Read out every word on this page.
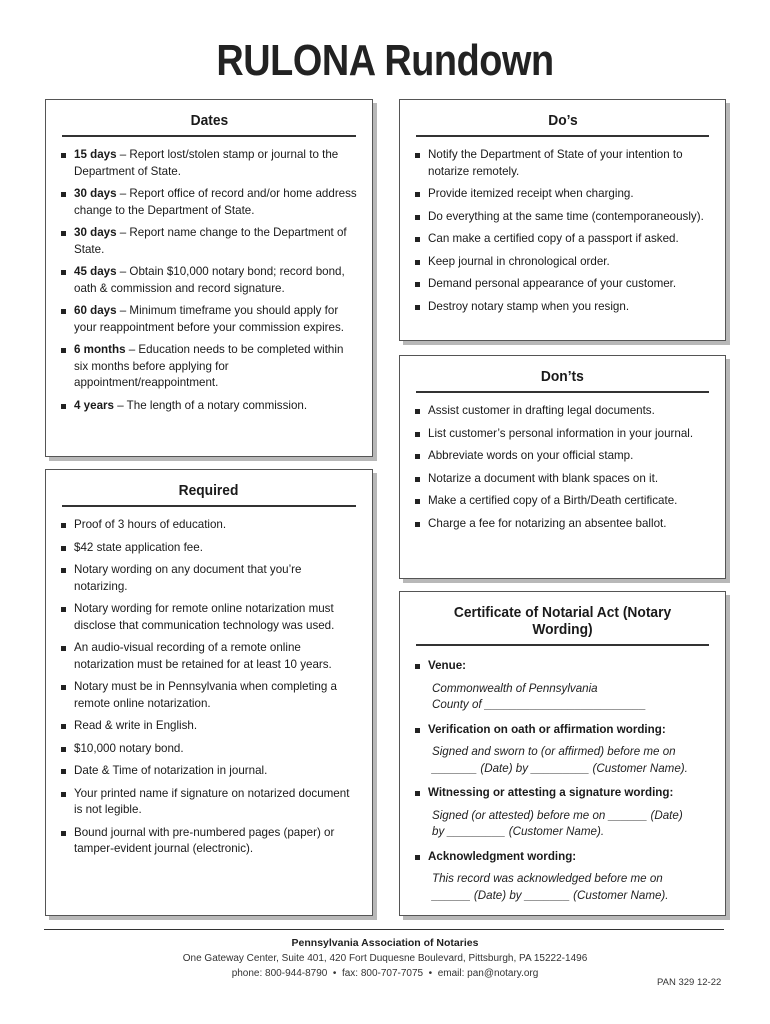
RULONA Rundown
Dates
15 days – Report lost/stolen stamp or journal to the Department of State.
30 days – Report office of record and/or home address change to the Department of State.
30 days – Report name change to the Department of State.
45 days – Obtain $10,000 notary bond; record bond, oath & commission and record signature.
60 days – Minimum timeframe you should apply for your reappointment before your commission expires.
6 months – Education needs to be completed within six months before applying for appointment/reappointment.
4 years – The length of a notary commission.
Required
Proof of 3 hours of education.
$42 state application fee.
Notary wording on any document that you’re notarizing.
Notary wording for remote online notarization must disclose that communication technology was used.
An audio-visual recording of a remote online notarization must be retained for at least 10 years.
Notary must be in Pennsylvania when completing a remote online notarization.
Read & write in English.
$10,000 notary bond.
Date & Time of notarization in journal.
Your printed name if signature on notarized document is not legible.
Bound journal with pre-numbered pages (paper) or tamper-evident journal (electronic).
Do’s
Notify the Department of State of your intention to notarize remotely.
Provide itemized receipt when charging.
Do everything at the same time (contemporaneously).
Can make a certified copy of a passport if asked.
Keep journal in chronological order.
Demand personal appearance of your customer.
Destroy notary stamp when you resign.
Don’ts
Assist customer in drafting legal documents.
List customer’s personal information in your journal.
Abbreviate words on your official stamp.
Notarize a document with blank spaces on it.
Make a certified copy of a Birth/Death certificate.
Charge a fee for notarizing an absentee ballot.
Certificate of Notarial Act (Notary Wording)
Venue:
Commonwealth of Pennsylvania
County of _________________________
Verification on oath or affirmation wording:
Signed and sworn to (or affirmed) before me on
_______ (Date) by _________ (Customer Name).
Witnessing or attesting a signature wording:
Signed (or attested) before me on ______ (Date)
by _________ (Customer Name).
Acknowledgment wording:
This record was acknowledged before me on
______ (Date) by _______ (Customer Name).
Pennsylvania Association of Notaries
One Gateway Center, Suite 401, 420 Fort Duquesne Boulevard, Pittsburgh, PA 15222-1496
phone: 800-944-8790  •  fax: 800-707-7075  •  email: pan@notary.org
PAN 329 12-22
